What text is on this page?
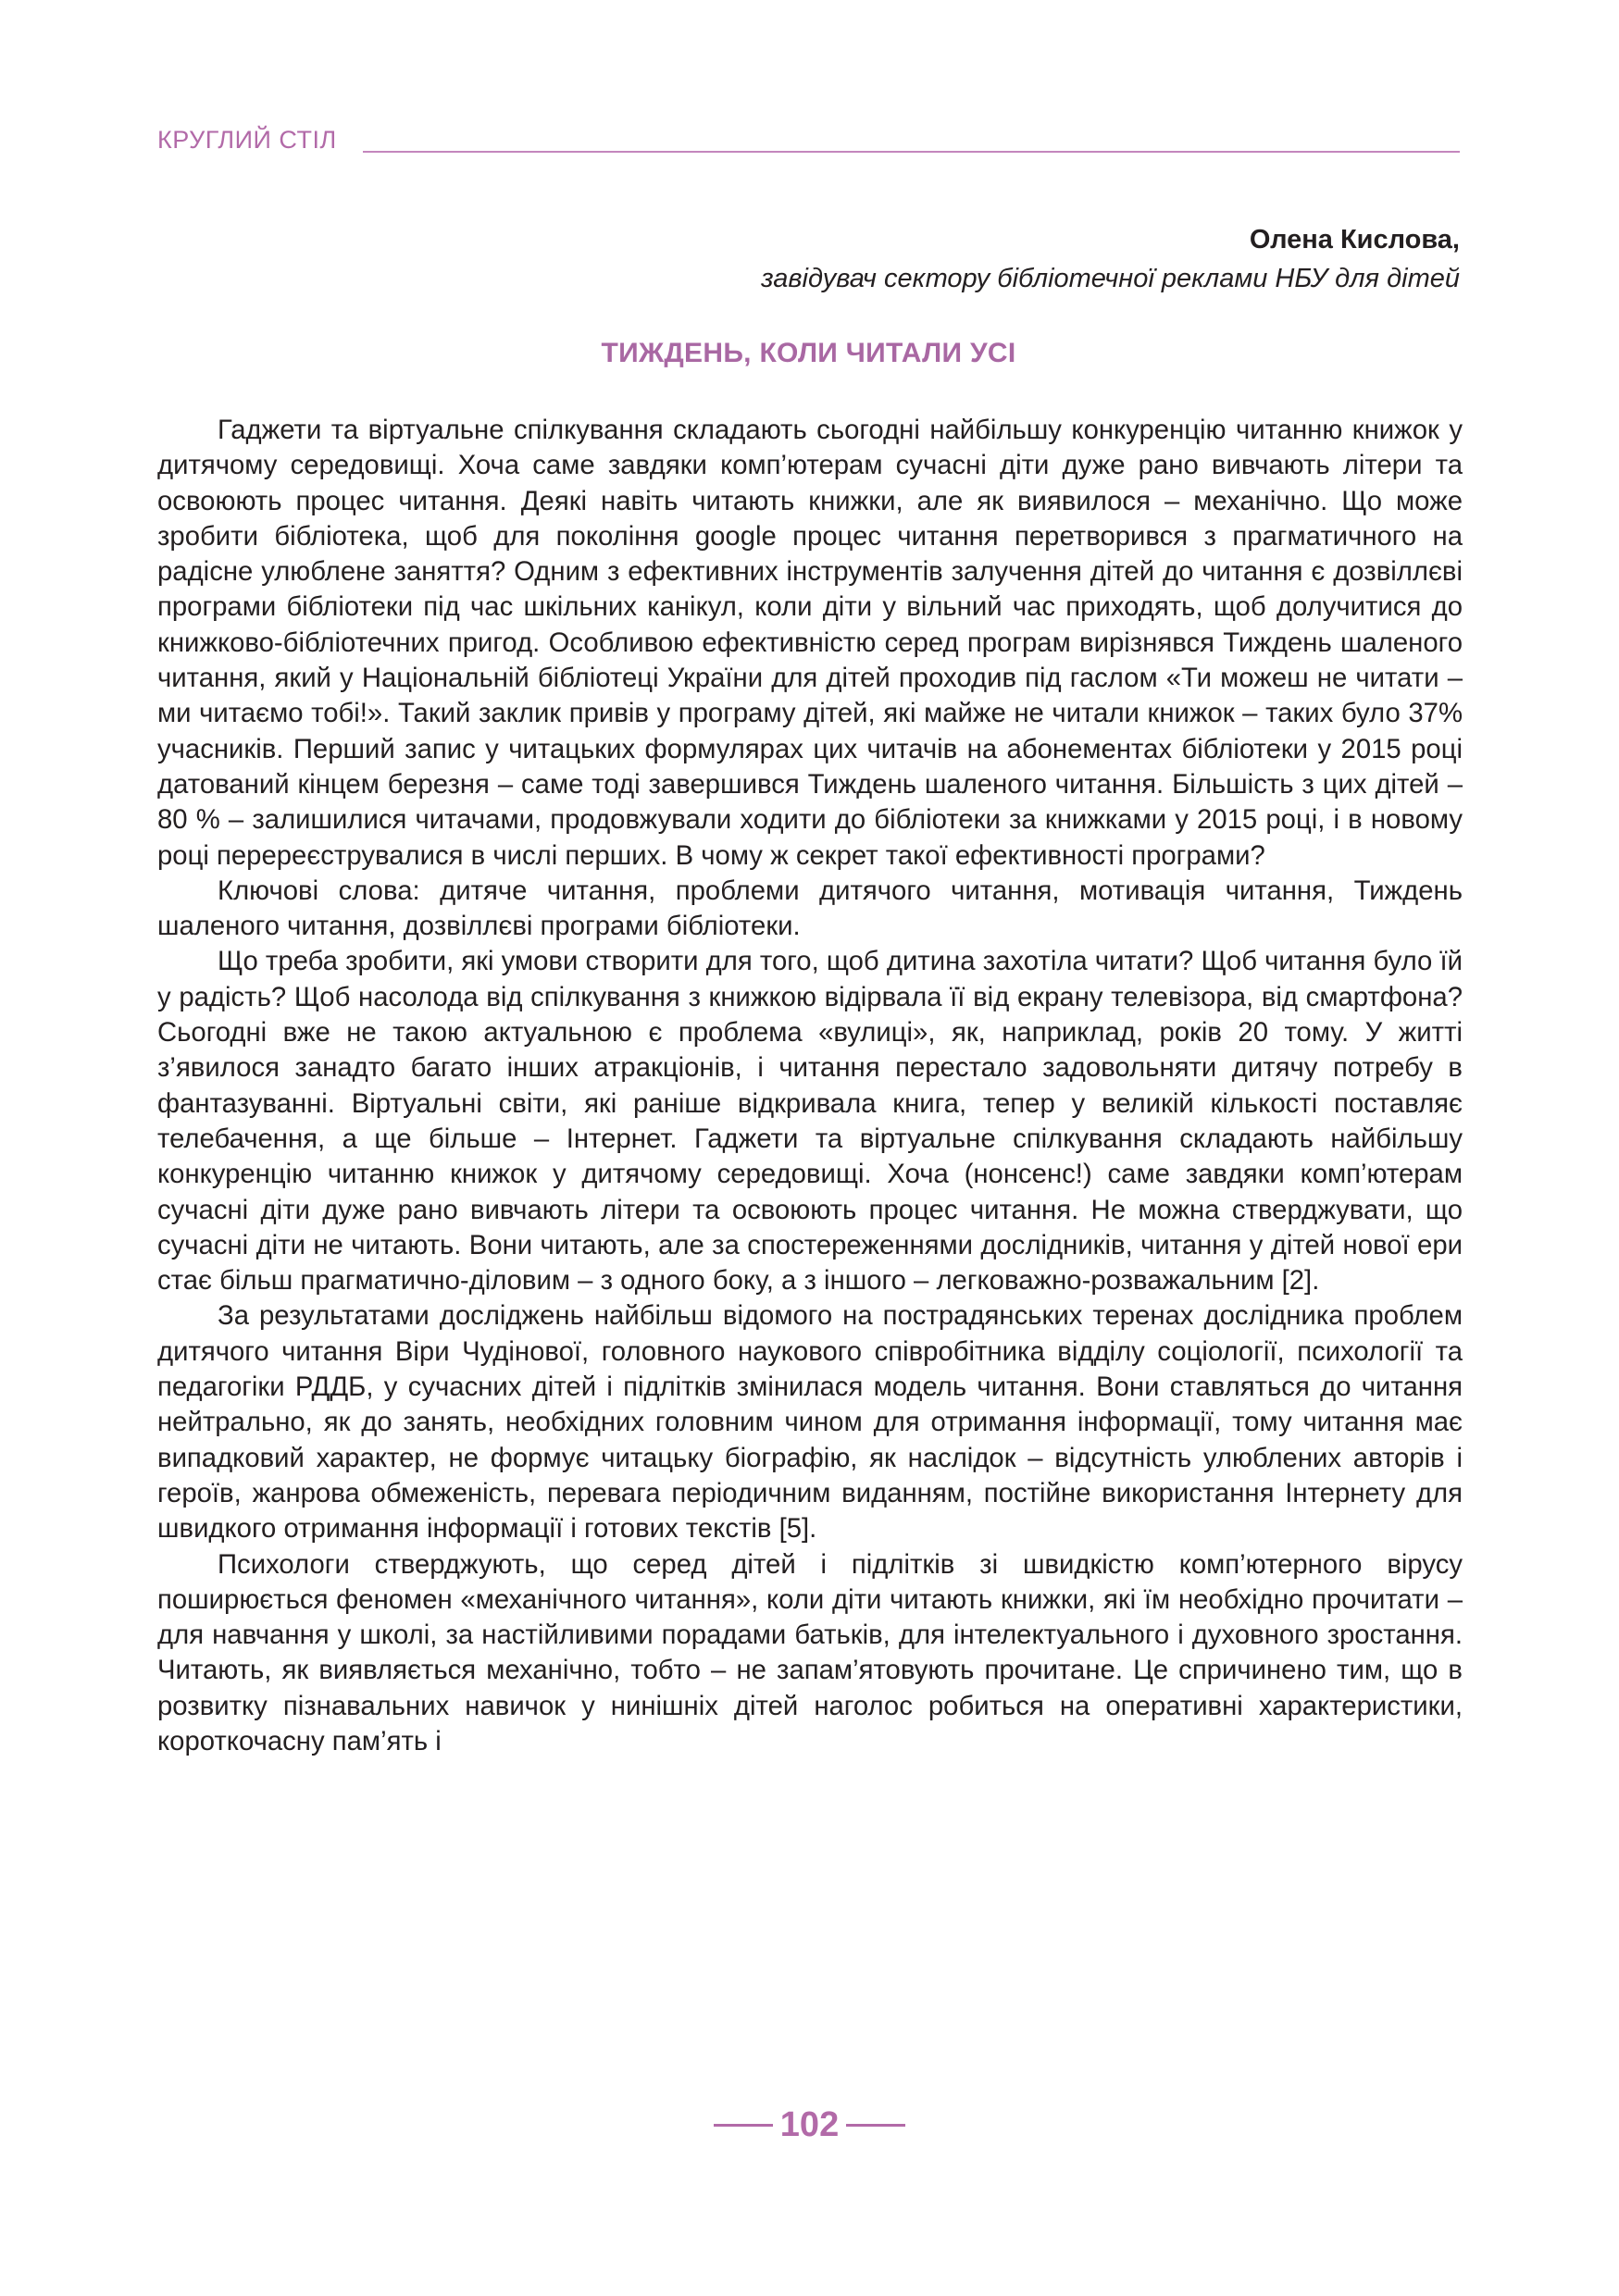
КРУГЛИЙ СТІЛ
Олена Кислова,
завідувач сектору бібліотечної реклами НБУ для дітей
ТИЖДЕНЬ, КОЛИ ЧИТАЛИ УСІ

Гаджети та віртуальне спілкування складають сьогодні найбільшу конкуренцію читанню книжок у дитячому середовищі. Хоча саме завдяки комп’ютерам сучасні діти дуже рано вивчають літери та освоюють процес читання. Деякі навіть читають книжки, але як виявилося – механічно. Що може зробити бібліотека, щоб для покоління google процес читання перетворився з прагматичного на радісне улюблене заняття? Одним з ефективних інструментів залучення дітей до читання є дозвіллєві програми бібліотеки під час шкільних канікул, коли діти у вільний час приходять, щоб долучитися до книжково-бібліотечних пригод. Особливою ефективністю серед програм вирізнявся Тиждень шаленого читання, який у Національній бібліотеці України для дітей проходив під гаслом «Ти можеш не читати – ми читаємо тобі!». Такий заклик привів у програму дітей, які майже не читали книжок – таких було 37% учасників. Перший запис у читацьких формулярах цих читачів на абонементах бібліотеки у 2015 році датований кінцем березня – саме тоді завершився Тиждень шаленого читання. Більшість з цих дітей – 80 % – залишилися читачами, продовжували ходити до бібліотеки за книжками у 2015 році, і в новому році перереєструвалися в числі перших. В чому ж секрет такої ефективності програми?

Ключові слова: дитяче читання, проблеми дитячого читання, мотивація читання, Тиждень шаленого читання, дозвіллєві програми бібліотеки.

Що треба зробити, які умови створити для того, щоб дитина захотіла читати? Щоб читання було їй у радість? Щоб насолода від спілкування з книжкою відірвала її від екрану телевізора, від смартфона? Сьогодні вже не такою актуальною є проблема «вулиці», як, наприклад, років 20 тому. У житті з’явилося занадто багато інших атракціонів, і читання перестало задовольняти дитячу потребу в фантазуванні. Віртуальні світи, які раніше відкривала книга, тепер у великій кількості поставляє телебачення, а ще більше – Інтернет. Гаджети та віртуальне спілкування складають найбільшу конкуренцію читанню книжок у дитячому середовищі. Хоча (нонсенс!) саме завдяки комп’ютерам сучасні діти дуже рано вивчають літери та освоюють процес читання. Не можна стверджувати, що сучасні діти не читають. Вони читають, але за спостереженнями дослідників, читання у дітей нової ери стає більш прагматично-діловим – з одного боку, а з іншого – легковажно-розважальним [2].

За результатами досліджень найбільш відомого на пострадянських теренах дослідника проблем дитячого читання Віри Чудінової, головного наукового співробітника відділу соціології, психології та педагогіки РДДБ, у сучасних дітей і підлітків змінилася модель читання. Вони ставляться до читання нейтрально, як до занять, необхідних головним чином для отримання інформації, тому читання має випадковий характер, не формує читацьку біографію, як наслідок – відсутність улюблених авторів і героїв, жанрова обмеженість, перевага періодичним виданням, постійне використання Інтернету для швидкого отримання інформації і готових текстів [5].

Психологи стверджують, що серед дітей і підлітків зі швидкістю комп’ютерного вірусу поширюється феномен «механічного читання», коли діти читають книжки, які їм необхідно прочитати – для навчання у школі, за настійливими порадами батьків, для інтелектуального і духовного зростання. Читають, як виявляється механічно, тобто – не запам’ятовують прочитане. Це спричинено тим, що в розвитку пізнавальних навичок у нинішніх дітей наголос робиться на оперативні характеристики, короткочасну пам’ять і

102
